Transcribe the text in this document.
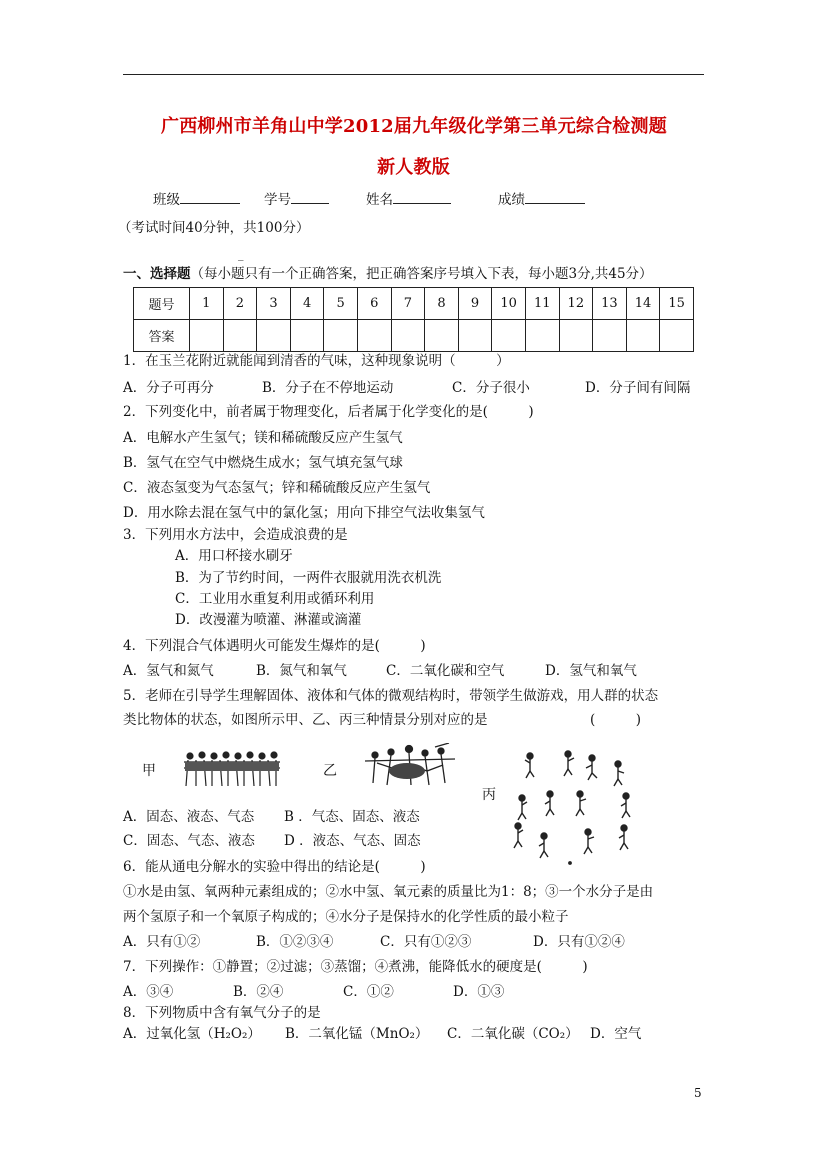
广西柳州市羊角山中学2012届九年级化学第三单元综合检测题
新人教版
班级	学号	姓名	成绩
（考试时间40分钟，共100分）
_
一、选择题（每小题只有一个正确答案，把正确答案序号填入下表，每小题3分,共45分）
题号	1	2	3	4	5	6	7	8	9	10	11	12	13	14	15
答案															
1．在玉兰花附近就能闻到清香的气味，这种现象说明（　　　）
A．分子可再分	B．分子在不停地运动	C．分子很小	D．分子间有间隔
2．下列变化中，前者属于物理变化，后者属于化学变化的是(　　　)
A．电解水产生氢气；镁和稀硫酸反应产生氢气
B．氢气在空气中燃烧生成水；氢气填充氢气球
C．液态氢变为气态氢气；锌和稀硫酸反应产生氢气
D．用水除去混在氢气中的氯化氢；用向下排空气法收集氢气
3．下列用水方法中，会造成浪费的是
A．用口杯接水刷牙
B．为了节约时间，一两件衣服就用洗衣机洗
C．工业用水重复利用或循环利用
D．改漫灌为喷灌、淋灌或滴灌
4．下列混合气体遇明火可能发生爆炸的是(　　　)
A．氢气和氮气	B．氮气和氧气	C．二氧化碳和空气	D．氢气和氧气
5．老师在引导学生理解固体、液体和气体的微观结构时，带领学生做游戏，用人群的状态
类比物体的状态，如图所示甲、乙、丙三种情景分别对应的是	(　　　)
甲	乙
丙
A．固态、液态、气态 B ．气态、固态、液态
C．固态、气态、液态 D ．液态、气态、固态
6．能从通电分解水的实验中得出的结论是(　　　)
①水是由氢、氧两种元素组成的；②水中氢、氧元素的质量比为1：8；③一个水分子是由
两个氢原子和一个氧原子构成的；④水分子是保持水的化学性质的最小粒子
A．只有①②	B．①②③④	C．只有①②③	D．只有①②④
7．下列操作：①静置；②过滤；③蒸馏；④煮沸，能降低水的硬度是(　　　)
A．③④	B．②④	C．①②	D．①③
8．下列物质中含有氧气分子的是
A．过氧化氢（H₂O₂） B．二氧化锰（MnO₂） C．二氧化碳（CO₂） D．空气
5
